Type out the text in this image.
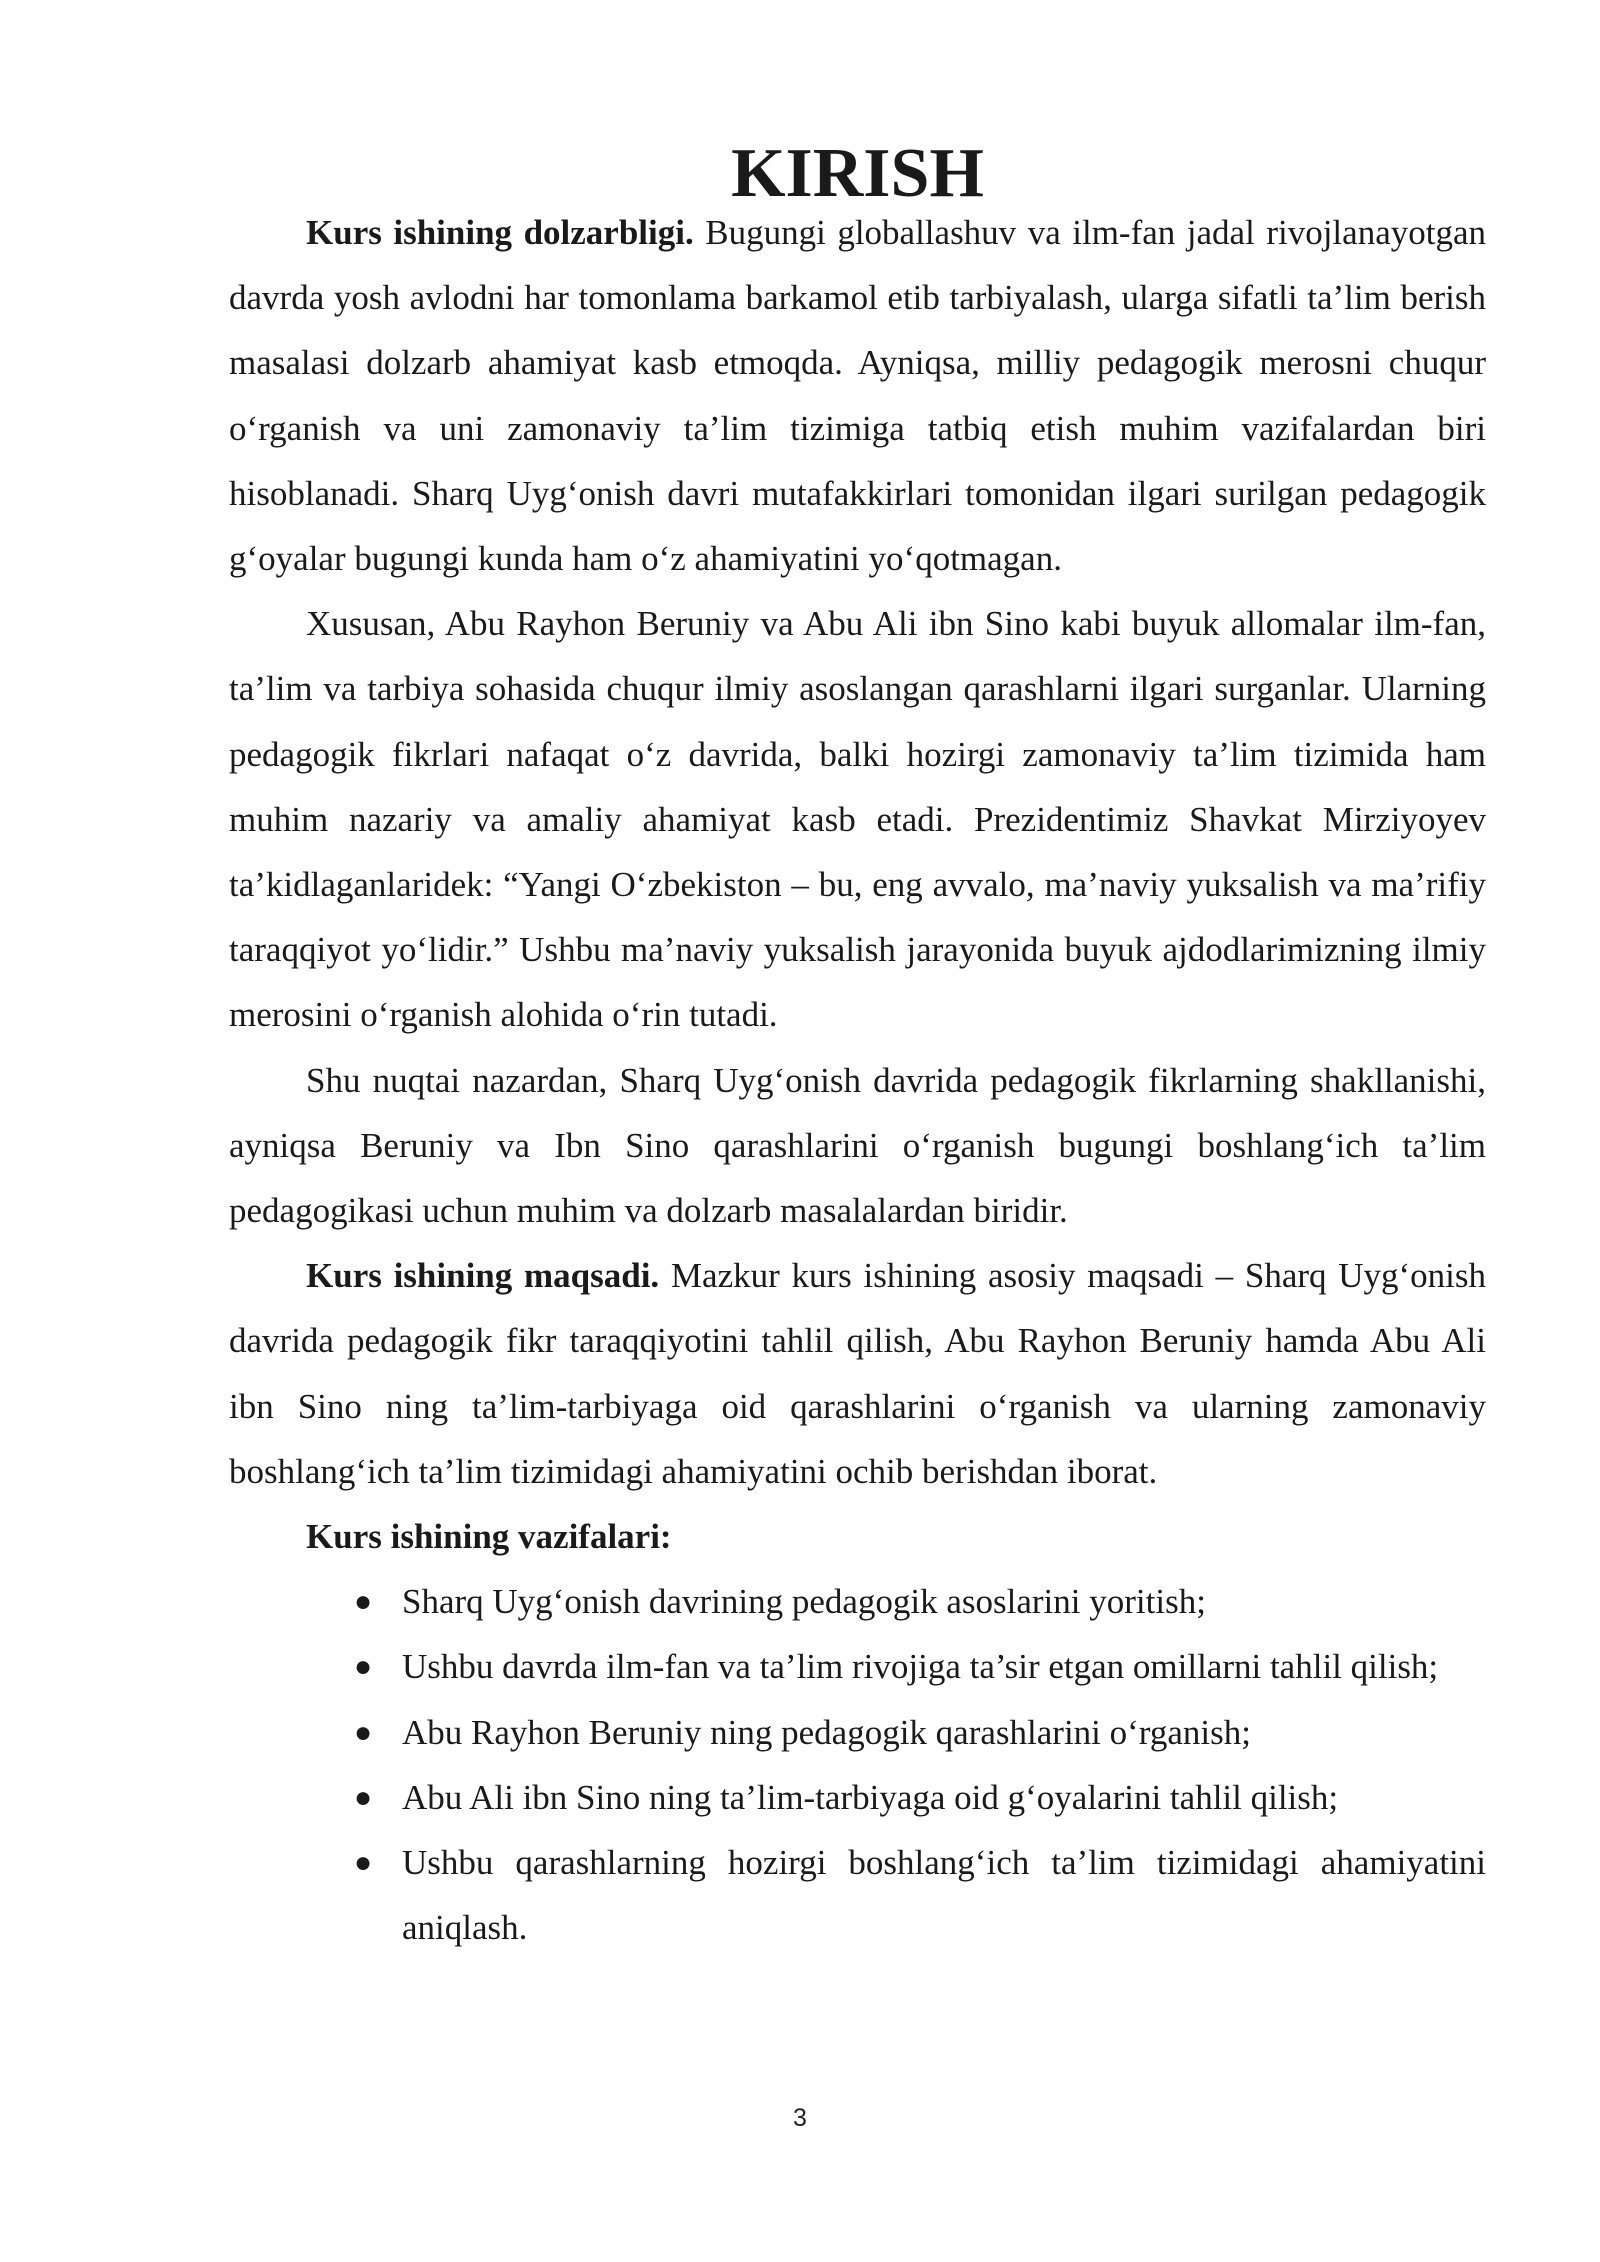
KIRISH

Kurs ishining dolzarbligi. Bugungi globallashuv va ilm-fan jadal rivojlanayotgan davrda yosh avlodni har tomonlama barkamol etib tarbiyalash, ularga sifatli ta’lim berish masalasi dolzarb ahamiyat kasb etmoqda. Ayniqsa, milliy pedagogik merosni chuqur o‘rganish va uni zamonaviy ta’lim tizimiga tatbiq etish muhim vazifalardan biri hisoblanadi. Sharq Uyg‘onish davri mutafakkirlari tomonidan ilgari surilgan pedagogik g‘oyalar bugungi kunda ham o‘z ahamiyatini yo‘qotmagan.

Xususan, Abu Rayhon Beruniy va Abu Ali ibn Sino kabi buyuk allomalar ilm-fan, ta’lim va tarbiya sohasida chuqur ilmiy asoslangan qarashlarni ilgari surganlar. Ularning pedagogik fikrlari nafaqat o‘z davrida, balki hozirgi zamonaviy ta’lim tizimida ham muhim nazariy va amaliy ahamiyat kasb etadi. Prezidentimiz Shavkat Mirziyoyev ta’kidlaganlaridek: “Yangi O‘zbekiston – bu, eng avvalo, ma’naviy yuksalish va ma’rifiy taraqqiyot yo‘lidir.” Ushbu ma’naviy yuksalish jarayonida buyuk ajdodlarimizning ilmiy merosini o‘rganish alohida o‘rin tutadi.

Shu nuqtai nazardan, Sharq Uyg‘onish davrida pedagogik fikrlarning shakllanishi, ayniqsa Beruniy va Ibn Sino qarashlarini o‘rganish bugungi boshlang‘ich ta’lim pedagogikasi uchun muhim va dolzarb masalalardan biridir.

Kurs ishining maqsadi. Mazkur kurs ishining asosiy maqsadi – Sharq Uyg‘onish davrida pedagogik fikr taraqqiyotini tahlil qilish, Abu Rayhon Beruniy hamda Abu Ali ibn Sino ning ta’lim-tarbiyaga oid qarashlarini o‘rganish va ularning zamonaviy boshlang‘ich ta’lim tizimidagi ahamiyatini ochib berishdan iborat.

Kurs ishining vazifalari:
● Sharq Uyg‘onish davrining pedagogik asoslarini yoritish;
● Ushbu davrda ilm-fan va ta’lim rivojiga ta’sir etgan omillarni tahlil qilish;
● Abu Rayhon Beruniy ning pedagogik qarashlarini o‘rganish;
● Abu Ali ibn Sino ning ta’lim-tarbiyaga oid g‘oyalarini tahlil qilish;
● Ushbu qarashlarning hozirgi boshlang‘ich ta’lim tizimidagi ahamiyatini aniqlash.
3
